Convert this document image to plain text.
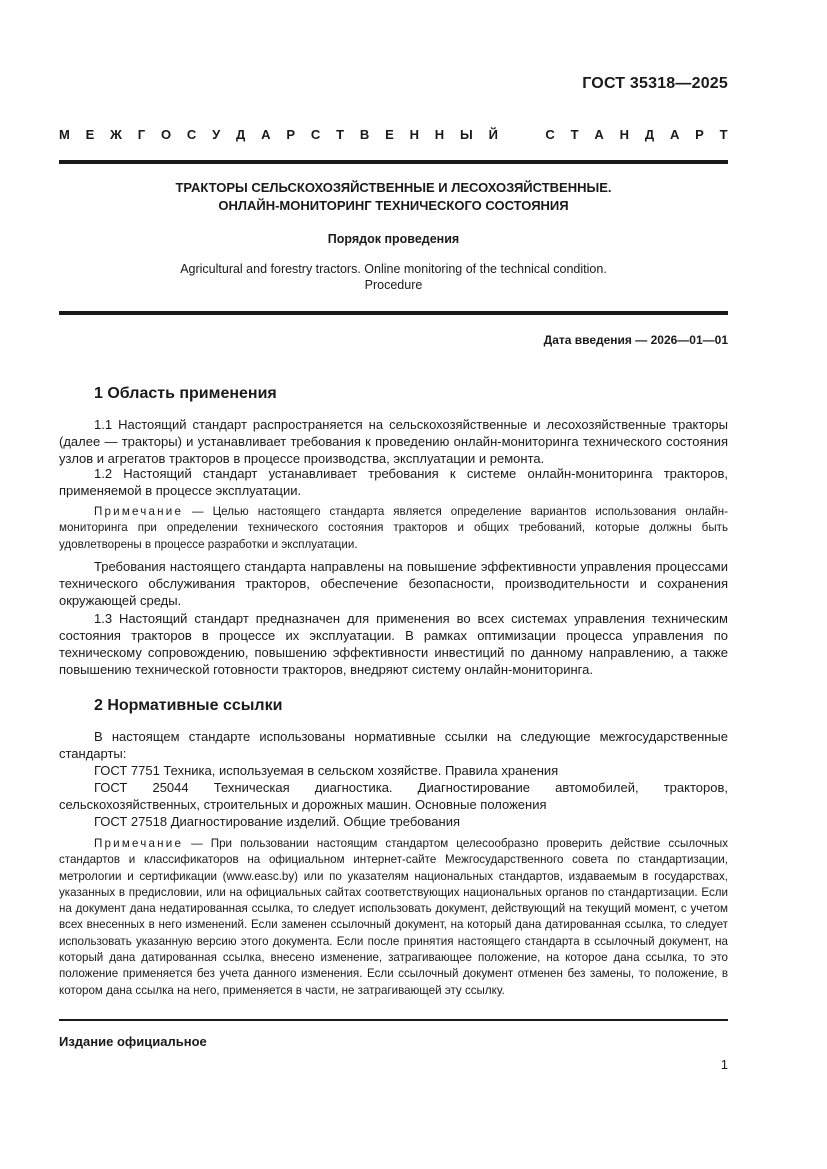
ГОСТ 35318—2025
М Е Ж Г О С У Д А Р С Т В Е Н Н Ы Й	С Т А Н Д А Р Т
ТРАКТОРЫ СЕЛЬСКОХОЗЯЙСТВЕННЫЕ И ЛЕСОХОЗЯЙСТВЕННЫЕ.
ОНЛАЙН-МОНИТОРИНГ ТЕХНИЧЕСКОГО СОСТОЯНИЯ
Порядок проведения
Agricultural and forestry tractors. Online monitoring of the technical condition.
Procedure
Дата введения — 2026—01—01
1 Область применения

1.1 Настоящий стандарт распространяется на сельскохозяйственные и лесохозяйственные тракторы (далее — тракторы) и устанавливает требования к проведению онлайн-мониторинга технического состояния узлов и агрегатов тракторов в процессе производства, эксплуатации и ремонта.

1.2 Настоящий стандарт устанавливает требования к системе онлайн-мониторинга тракторов, применяемой в процессе эксплуатации.

Примечание — Целью настоящего стандарта является определение вариантов использования онлайн-мониторинга при определении технического состояния тракторов и общих требований, которые должны быть удовлетворены в процессе разработки и эксплуатации.

Требования настоящего стандарта направлены на повышение эффективности управления процессами технического обслуживания тракторов, обеспечение безопасности, производительности и сохранения окружающей среды.

1.3 Настоящий стандарт предназначен для применения во всех системах управления техническим состояния тракторов в процессе их эксплуатации. В рамках оптимизации процесса управления по техническому сопровождению, повышению эффективности инвестиций по данному направлению, а также повышению технической готовности тракторов, внедряют систему онлайн-мониторинга.

2 Нормативные ссылки

В настоящем стандарте использованы нормативные ссылки на следующие межгосударственные стандарты:

ГОСТ 7751 Техника, используемая в сельском хозяйстве. Правила хранения

ГОСТ 25044 Техническая диагностика. Диагностирование автомобилей, тракторов, сельскохозяйственных, строительных и дорожных машин. Основные положения

ГОСТ 27518 Диагностирование изделий. Общие требования

Примечание — При пользовании настоящим стандартом целесообразно проверить действие ссылочных стандартов и классификаторов на официальном интернет-сайте Межгосударственного совета по стандартизации, метрологии и сертификации (www.easc.by) или по указателям национальных стандартов, издаваемым в государствах, указанных в предисловии, или на официальных сайтах соответствующих национальных органов по стандартизации. Если на документ дана недатированная ссылка, то следует использовать документ, действующий на текущий момент, с учетом всех внесенных в него изменений. Если заменен ссылочный документ, на который дана датированная ссылка, то следует использовать указанную версию этого документа. Если после принятия настоящего стандарта в ссылочный документ, на который дана датированная ссылка, внесено изменение, затрагивающее положение, на которое дана ссылка, то это положение применяется без учета данного изменения. Если ссылочный документ отменен без замены, то положение, в котором дана ссылка на него, применяется в части, не затрагивающей эту ссылку.

Издание официальное
1
